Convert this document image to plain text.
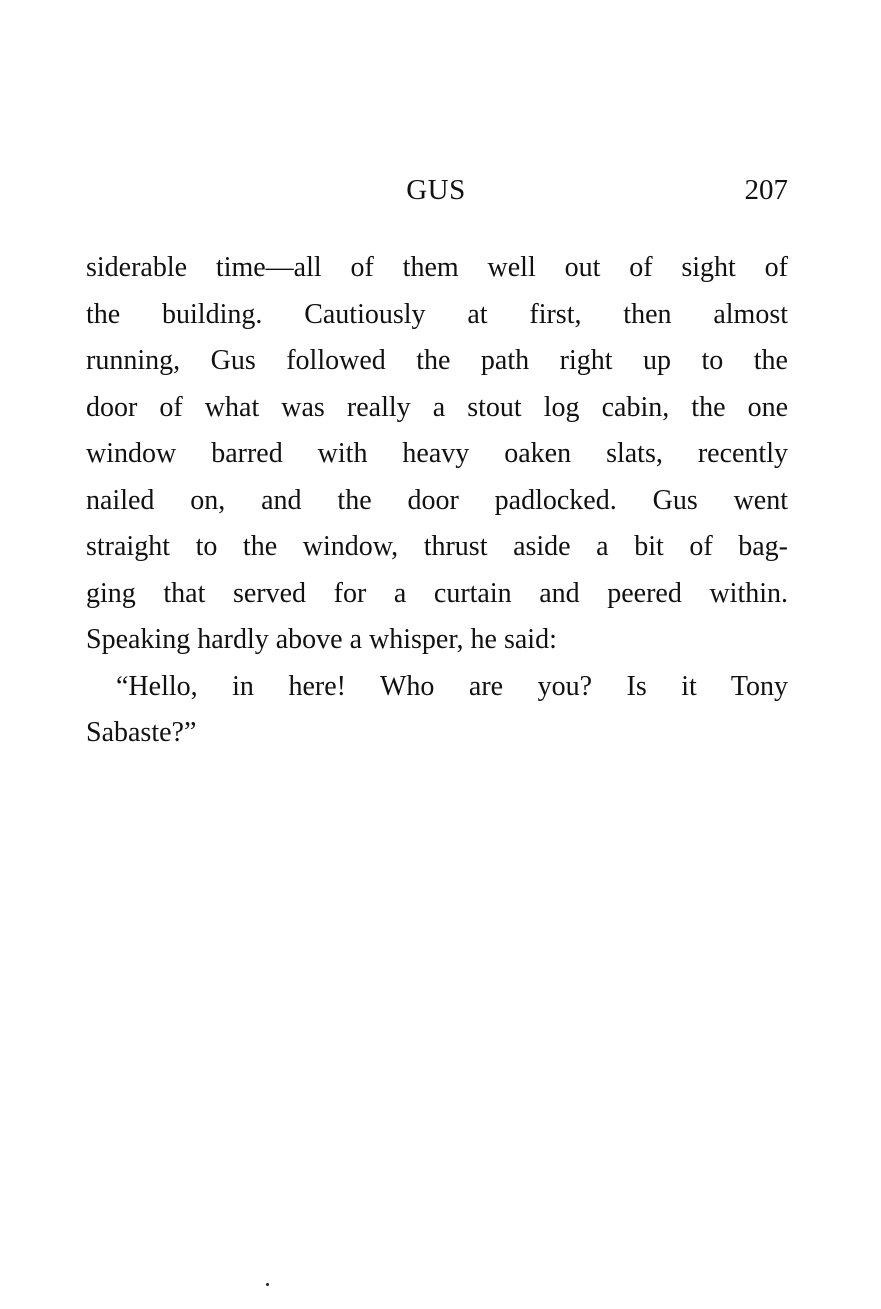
GUS	207
siderable time—all of them well out of sight of
the building. Cautiously at first, then almost
running, Gus followed the path right up to the
door of what was really a stout log cabin, the one
window barred with heavy oaken slats, recently
nailed on, and the door padlocked. Gus went
straight to the window, thrust aside a bit of bag-
ging that served for a curtain and peered within.
Speaking hardly above a whisper, he said:
“Hello, in here! Who are you? Is it Tony
Sabaste?”
